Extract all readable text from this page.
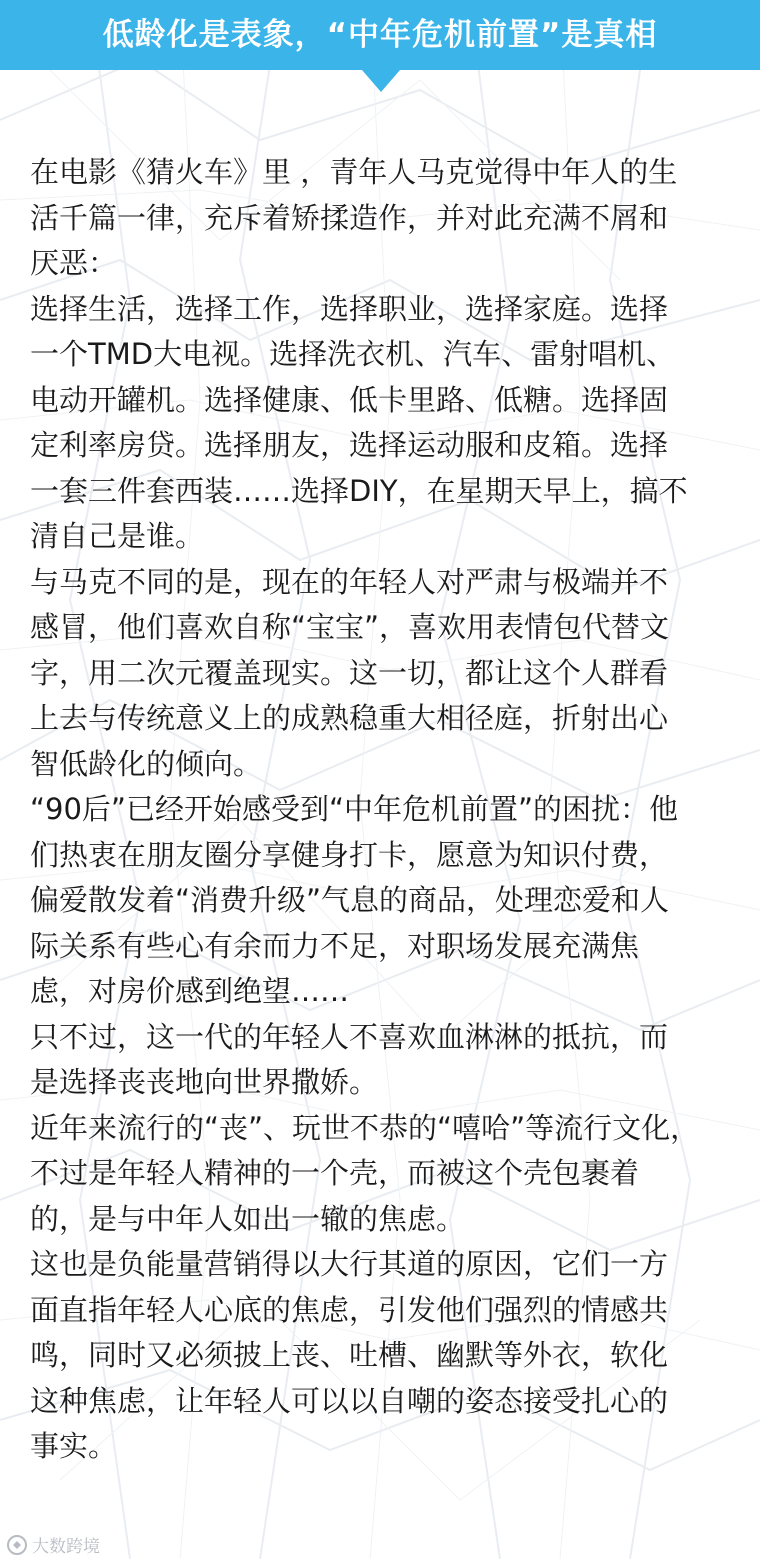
低龄化是表象，“中年危机前置”是真相
在电影《猜火车》里 ，青年人马克觉得中年人的生
活千篇一律，充斥着矫揉造作，并对此充满不屑和
厌恶：
选择生活，选择工作，选择职业，选择家庭。选择
一个TMD大电视。选择洗衣机、汽车、雷射唱机、
电动开罐机。选择健康、低卡里路、低糖。选择固
定利率房贷。选择朋友，选择运动服和皮箱。选择
一套三件套西装……选择DIY，在星期天早上，搞不
清自己是谁。
与马克不同的是，现在的年轻人对严肃与极端并不
感冒，他们喜欢自称“宝宝”，喜欢用表情包代替文
字，用二次元覆盖现实。这一切，都让这个人群看
上去与传统意义上的成熟稳重大相径庭，折射出心
智低龄化的倾向。
“90后”已经开始感受到“中年危机前置”的困扰：他
们热衷在朋友圈分享健身打卡，愿意为知识付费，
偏爱散发着“消费升级”气息的商品，处理恋爱和人
际关系有些心有余而力不足，对职场发展充满焦
虑，对房价感到绝望……
只不过，这一代的年轻人不喜欢血淋淋的抵抗，而
是选择丧丧地向世界撒娇。
近年来流行的“丧”、玩世不恭的“嘻哈”等流行文化，
不过是年轻人精神的一个壳，而被这个壳包裹着
的，是与中年人如出一辙的焦虑。
这也是负能量营销得以大行其道的原因，它们一方
面直指年轻人心底的焦虑，引发他们强烈的情感共
鸣，同时又必须披上丧、吐槽、幽默等外衣，软化
这种焦虑，让年轻人可以以自嘲的姿态接受扎心的
事实。
大数跨境
